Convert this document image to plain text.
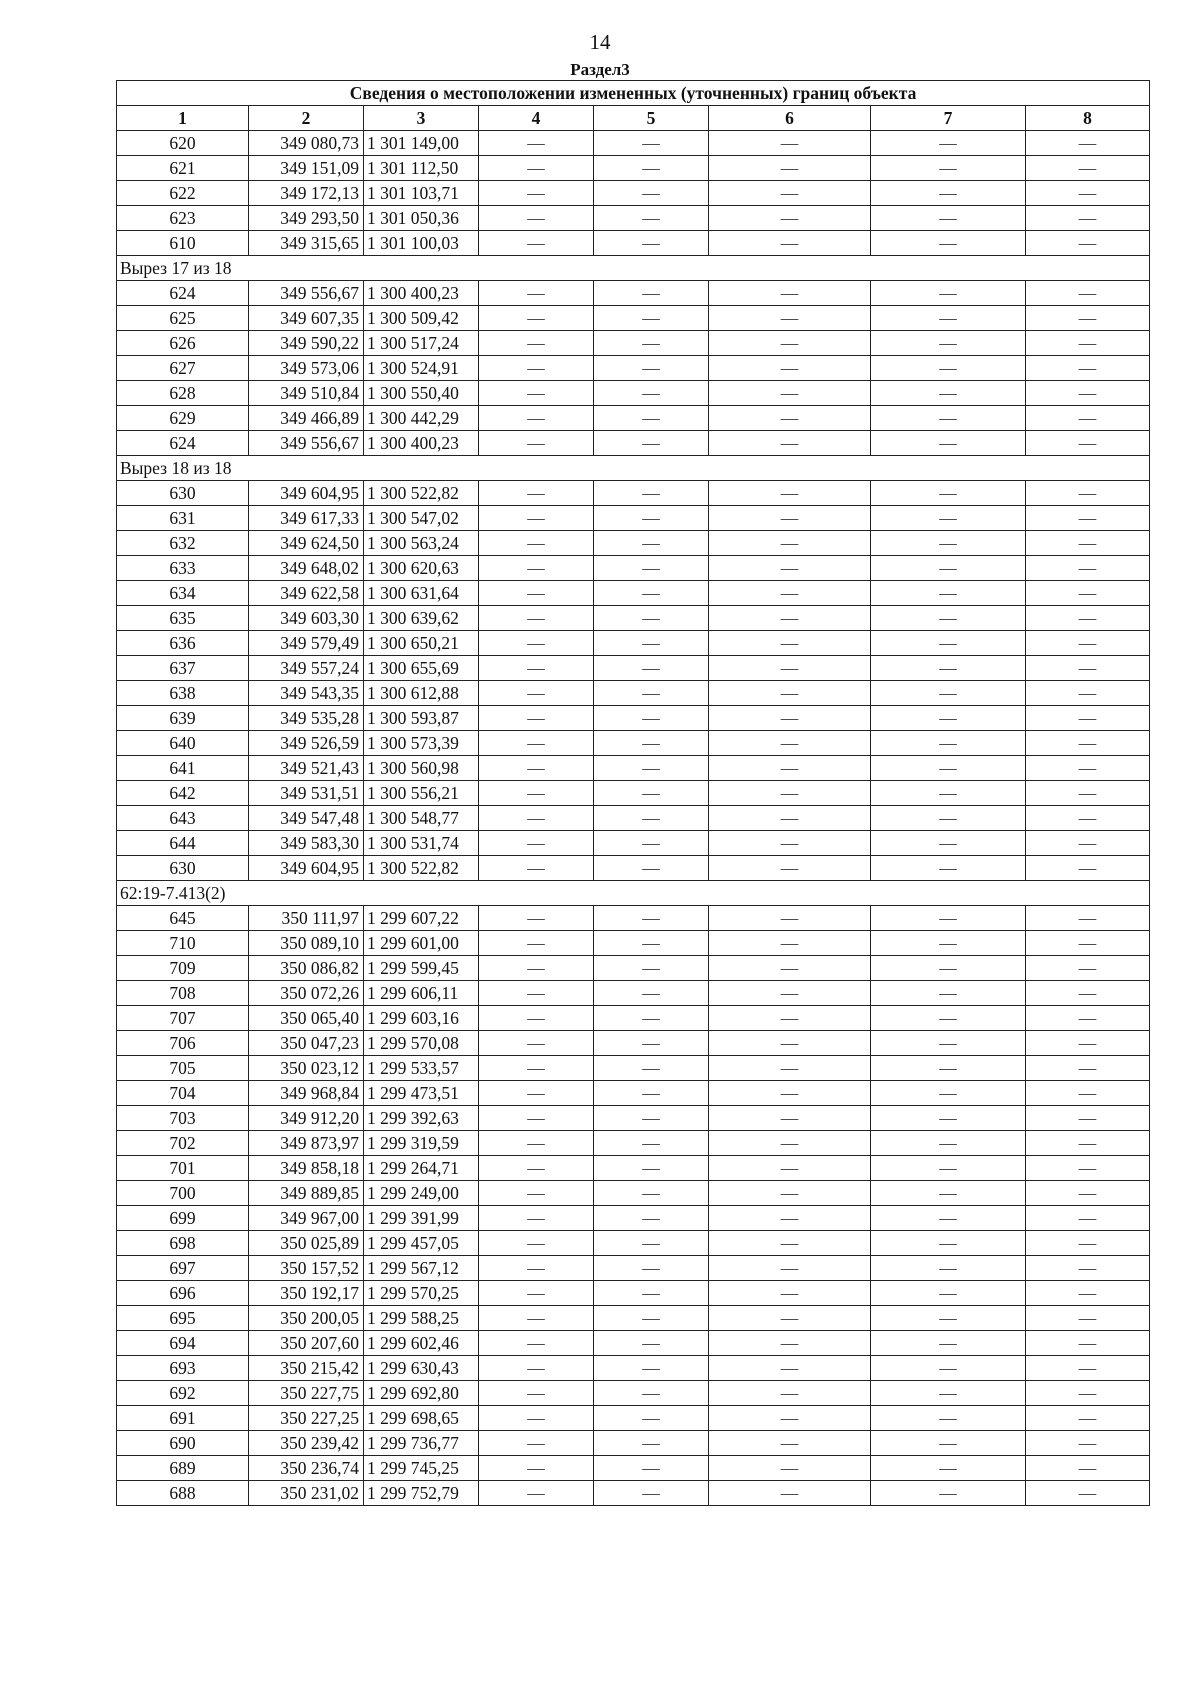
14
Раздел3
Сведения о местоположении измененных (уточненных) границ объекта							
1	2	3	4	5	6	7	8
620	349 080,73	1 301 149,00	—	—	—	—	—
621	349 151,09	1 301 112,50	—	—	—	—	—
622	349 172,13	1 301 103,71	—	—	—	—	—
623	349 293,50	1 301 050,36	—	—	—	—	—
610	349 315,65	1 301 100,03	—	—	—	—	—
Вырез 17 из 18							
624	349 556,67	1 300 400,23	—	—	—	—	—
625	349 607,35	1 300 509,42	—	—	—	—	—
626	349 590,22	1 300 517,24	—	—	—	—	—
627	349 573,06	1 300 524,91	—	—	—	—	—
628	349 510,84	1 300 550,40	—	—	—	—	—
629	349 466,89	1 300 442,29	—	—	—	—	—
624	349 556,67	1 300 400,23	—	—	—	—	—
Вырез 18 из 18							
630	349 604,95	1 300 522,82	—	—	—	—	—
631	349 617,33	1 300 547,02	—	—	—	—	—
632	349 624,50	1 300 563,24	—	—	—	—	—
633	349 648,02	1 300 620,63	—	—	—	—	—
634	349 622,58	1 300 631,64	—	—	—	—	—
635	349 603,30	1 300 639,62	—	—	—	—	—
636	349 579,49	1 300 650,21	—	—	—	—	—
637	349 557,24	1 300 655,69	—	—	—	—	—
638	349 543,35	1 300 612,88	—	—	—	—	—
639	349 535,28	1 300 593,87	—	—	—	—	—
640	349 526,59	1 300 573,39	—	—	—	—	—
641	349 521,43	1 300 560,98	—	—	—	—	—
642	349 531,51	1 300 556,21	—	—	—	—	—
643	349 547,48	1 300 548,77	—	—	—	—	—
644	349 583,30	1 300 531,74	—	—	—	—	—
630	349 604,95	1 300 522,82	—	—	—	—	—
62:19-7.413(2)							
645	350 111,97	1 299 607,22	—	—	—	—	—
710	350 089,10	1 299 601,00	—	—	—	—	—
709	350 086,82	1 299 599,45	—	—	—	—	—
708	350 072,26	1 299 606,11	—	—	—	—	—
707	350 065,40	1 299 603,16	—	—	—	—	—
706	350 047,23	1 299 570,08	—	—	—	—	—
705	350 023,12	1 299 533,57	—	—	—	—	—
704	349 968,84	1 299 473,51	—	—	—	—	—
703	349 912,20	1 299 392,63	—	—	—	—	—
702	349 873,97	1 299 319,59	—	—	—	—	—
701	349 858,18	1 299 264,71	—	—	—	—	—
700	349 889,85	1 299 249,00	—	—	—	—	—
699	349 967,00	1 299 391,99	—	—	—	—	—
698	350 025,89	1 299 457,05	—	—	—	—	—
697	350 157,52	1 299 567,12	—	—	—	—	—
696	350 192,17	1 299 570,25	—	—	—	—	—
695	350 200,05	1 299 588,25	—	—	—	—	—
694	350 207,60	1 299 602,46	—	—	—	—	—
693	350 215,42	1 299 630,43	—	—	—	—	—
692	350 227,75	1 299 692,80	—	—	—	—	—
691	350 227,25	1 299 698,65	—	—	—	—	—
690	350 239,42	1 299 736,77	—	—	—	—	—
689	350 236,74	1 299 745,25	—	—	—	—	—
688	350 231,02	1 299 752,79	—	—	—	—	—
